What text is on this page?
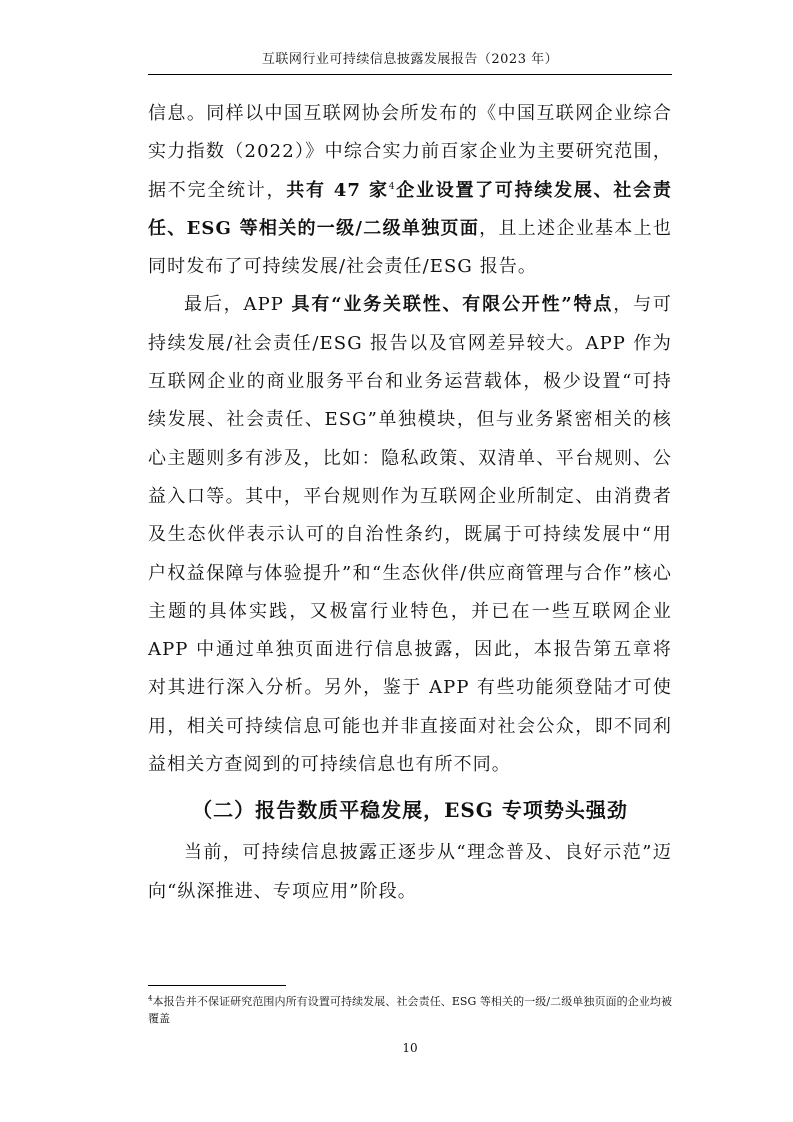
互联网行业可持续信息披露发展报告（2023 年）

信息。同样以中国互联网协会所发布的《中国互联网企业综合实力指数（2022）》中综合实力前百家企业为主要研究范围，据不完全统计，共有 47 家$^4$企业设置了可持续发展、社会责任、ESG 等相关的一级/二级单独页面，且上述企业基本上也同时发布了可持续发展/社会责任/ESG 报告。

最后，APP 具有“业务关联性、有限公开性”特点，与可持续发展/社会责任/ESG 报告以及官网差异较大。APP 作为互联网企业的商业服务平台和业务运营载体，极少设置“可持续发展、社会责任、ESG”单独模块，但与业务紧密相关的核心主题则多有涉及，比如：隐私政策、双清单、平台规则、公益入口等。其中，平台规则作为互联网企业所制定、由消费者及生态伙伴表示认可的自治性条约，既属于可持续发展中“用户权益保障与体验提升”和“生态伙伴/供应商管理与合作”核心主题的具体实践，又极富行业特色，并已在一些互联网企业 APP 中通过单独页面进行信息披露，因此，本报告第五章将对其进行深入分析。另外，鉴于 APP 有些功能须登陆才可使用，相关可持续信息可能也并非直接面对社会公众，即不同利益相关方查阅到的可持续信息也有所不同。

（二）报告数质平稳发展，ESG 专项势头强劲

当前，可持续信息披露正逐步从“理念普及、良好示范”迈向“纵深推进、专项应用”阶段。

$^4$本报告并不保证研究范围内所有设置可持续发展、社会责任、ESG 等相关的一级/二级单独页面的企业均被覆盖
10
